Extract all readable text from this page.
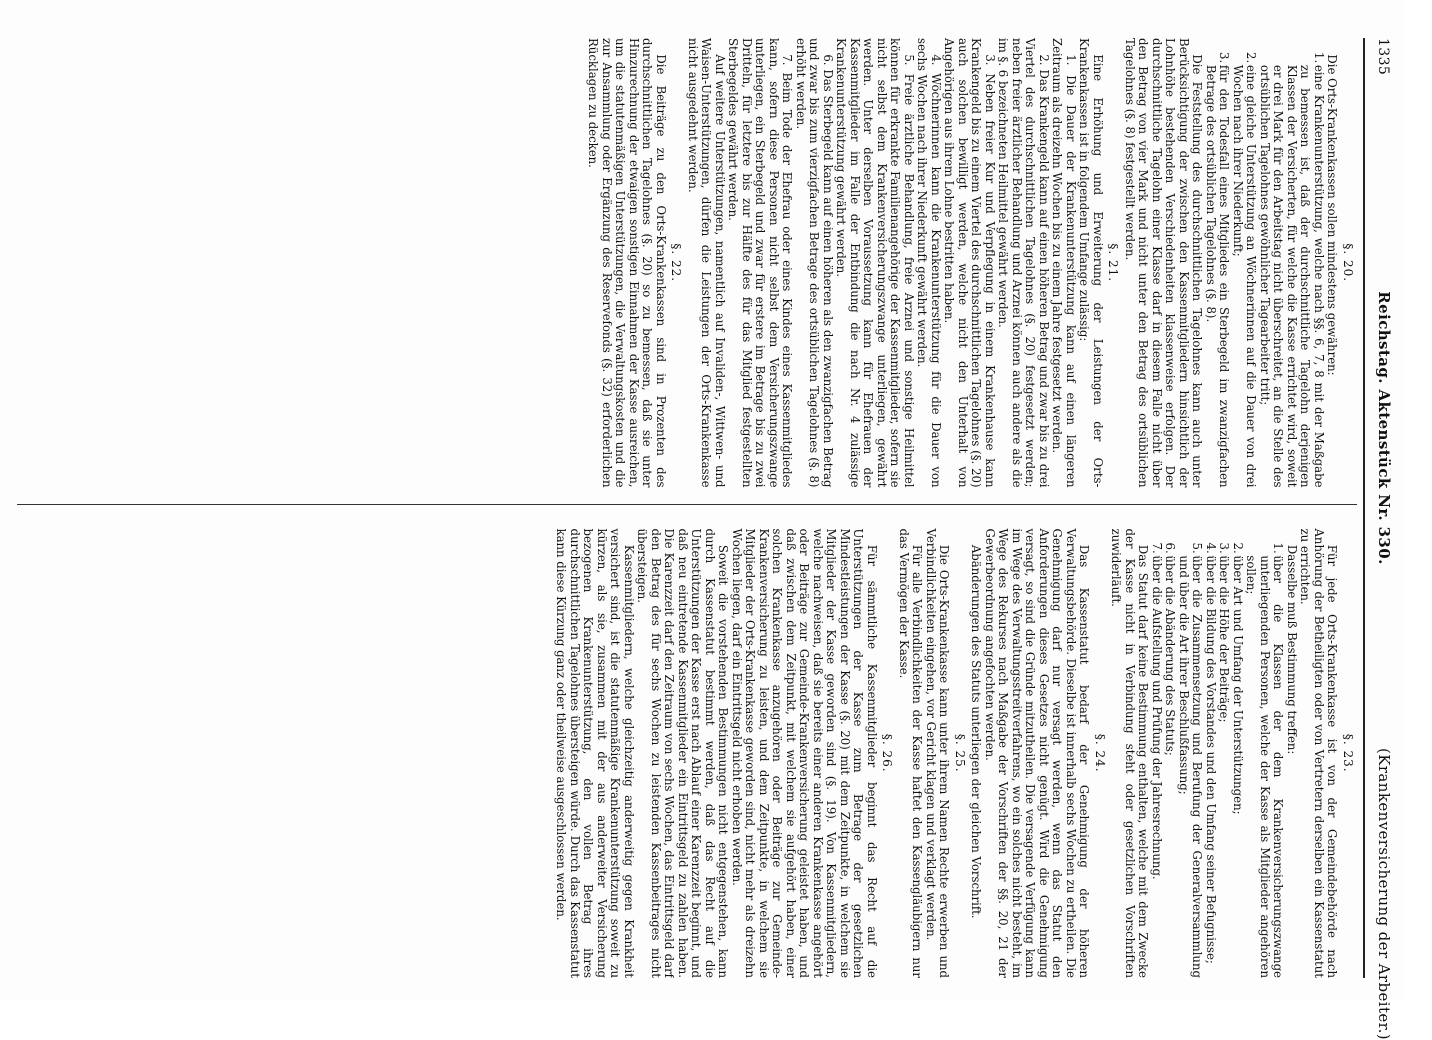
1335
Reichstag. Aktenstück Nr. 330.
(Krankenversicherung der Arbeiter.)
§. 20.

Die Orts-Krankenkassen sollen mindestens gewähren:

1.eine Krankenunterstützung, welche nach §§. 6, 7, 8 mit der Maßgabe zu bemessen ist, daß der durchschnittliche Tagelohn derjenigen Klassen der Versicherten, für welche die Kasse errichtet wird, soweit er drei Mark für den Arbeitstag nicht überschreitet, an die Stelle des ortsüblichen Tagelohnes gewöhnlicher Tagearbeiter tritt;

2.eine gleiche Unterstützung an Wöchnerinnen auf die Dauer von drei Wochen nach ihrer Niederkunft;

3.für den Todesfall eines Mitgliedes ein Sterbegeld im zwanzigfachen Betrage des ortsüblichen Tagelohnes (§. 8).

Die Feststellung des durchschnittlichen Tagelohnes kann auch unter Berücksichtigung der zwischen den Kassenmitgliedern hinsichtlich der Lohnhöhe bestehenden Verschiedenheiten klassenweise erfolgen. Der durchschnittliche Tagelohn einer Klasse darf in diesem Falle nicht über den Betrag von vier Mark und nicht unter den Betrag des ortsüblichen Tagelohnes (§. 8) festgestellt werden.

§. 21.

Eine Erhöhung und Erweiterung der Leistungen der Orts-Krankenkassen ist in folgendem Umfange zulässig:

1. Die Dauer der Krankenunterstützung kann auf einen längeren Zeitraum als dreizehn Wochen bis zu einem Jahre festgesetzt werden.

2. Das Krankengeld kann auf einen höheren Betrag und zwar bis zu drei Viertel des durchschnittlichen Tagelohnes (§. 20) festgesetzt werden; neben freier ärztlicher Behandlung und Arznei können auch andere als die im §. 6 bezeichneten Heilmittel gewährt werden.

3. Neben freier Kur und Verpflegung in einem Krankenhause kann Krankengeld bis zu einem Viertel des durchschnittlichen Tagelohnes (§. 20) auch solchen bewilligt werden, welche nicht den Unterhalt von Angehörigen aus ihrem Lohne bestritten haben.

4. Wöchnerinnen kann die Krankenunterstützung für die Dauer von sechs Wochen nach ihrer Niederkunft gewährt werden.

5. Freie ärztliche Behandlung, freie Arznei und sonstige Heilmittel können für erkrankte Familienangehörige der Kassenmitglieder, sofern sie nicht selbst dem Krankenversicherungszwange unterliegen, gewährt werden. Unter derselben Voraussetzung kann für Ehefrauen der Kassenmitglieder im Falle der Entbindung die nach Nr. 4 zulässige Krankenunterstützung gewährt werden.

6. Das Sterbegeld kann auf einen höheren als den zwanzigfachen Betrag und zwar bis zum vierzigfachen Betrage des ortsüblichen Tagelohnes (§. 8) erhöht werden.

7. Beim Tode der Ehefrau oder eines Kindes eines Kassenmitgliedes kann, sofern diese Personen nicht selbst dem Versicherungszwange unterliegen, ein Sterbegeld und zwar für erstere im Betrage bis zu zwei Dritteln, für letztere bis zur Hälfte des für das Mitglied festgestellten Sterbegeldes gewährt werden.

Auf weitere Unterstützungen, namentlich auf Invaliden-, Wittwen- und Waisen-Unterstützungen, dürfen die Leistungen der Orts-Krankenkasse nicht ausgedehnt werden.

§. 22.

Die Beiträge zu den Orts-Krankenkassen sind in Prozenten des durchschnittlichen Tagelohnes (§. 20) so zu bemessen, daß sie unter Hinzurechnung der etwaigen sonstigen Einnahmen der Kasse ausreichen, um die statutenmäßigen Unterstützungen, die Verwaltungskosten und die zur Ansammlung oder Ergänzung des Reservefonds (§. 32) erforderlichen Rücklagen zu decken.

§. 23.

Für jede Orts-Krankenkasse ist von der Gemeindebehörde nach Anhörung der Betheiligten oder von Vertretern derselben ein Kassenstatut zu errichten.

Dasselbe muß Bestimmung treffen:

1.über die Klassen der dem Krankenversicherungszwange unterliegenden Personen, welche der Kasse als Mitglieder angehören sollen;

2.über Art und Umfang der Unterstützungen;

3.über die Höhe der Beiträge;

4.über die Bildung des Vorstandes und den Umfang seiner Befugnisse;

5.über die Zusammensetzung und Berufung der Generalversammlung und über die Art ihrer Beschlußfassung;

6.über die Abänderung des Statuts;

7.über die Aufstellung und Prüfung der Jahresrechnung.

Das Statut darf keine Bestimmung enthalten, welche mit dem Zwecke der Kasse nicht in Verbindung steht oder gesetzlichen Vorschriften zuwiderläuft.

§. 24.

Das Kassenstatut bedarf der Genehmigung der höheren Verwaltungsbehörde. Dieselbe ist innerhalb sechs Wochen zu ertheilen. Die Genehmigung darf nur versagt werden, wenn das Statut den Anforderungen dieses Gesetzes nicht genügt. Wird die Genehmigung versagt, so sind die Gründe mitzutheilen. Die versagende Verfügung kann im Wege des Verwaltungsstreitverfahrens, wo ein solches nicht besteht, im Wege des Rekurses nach Maßgabe der Vorschriften der §§. 20, 21 der Gewerbeordnung angefochten werden.

Abänderungen des Statuts unterliegen der gleichen Vorschrift.

§. 25.

Die Orts-Krankenkasse kann unter ihrem Namen Rechte erwerben und Verbindlichkeiten eingehen, vor Gericht klagen und verklagt werden.

Für alle Verbindlichkeiten der Kasse haftet den Kassengläubigern nur das Vermögen der Kasse.

§. 26.

Für sämmtliche Kassenmitglieder beginnt das Recht auf die Unterstützungen der Kasse zum Betrage der gesetzlichen Mindestleistungen der Kasse (§. 20) mit dem Zeitpunkte, in welchem sie Mitglieder der Kasse geworden sind (§. 19). Von Kassenmitgliedern, welche nachweisen, daß sie bereits einer anderen Krankenkasse angehört oder Beiträge zur Gemeinde-Krankenversicherung geleistet haben, und daß zwischen dem Zeitpunkt, mit welchem sie aufgehört haben, einer solchen Krankenkasse anzugehören oder Beiträge zur Gemeinde-Krankenversicherung zu leisten, und dem Zeitpunkte, in welchem sie Mitglieder der Orts-Krankenkasse geworden sind, nicht mehr als dreizehn Wochen liegen, darf ein Eintrittsgeld nicht erhoben werden.

Soweit die vorstehenden Bestimmungen nicht entgegenstehen, kann durch Kassenstatut bestimmt werden, daß das Recht auf die Unterstützungen der Kasse erst nach Ablauf einer Karenzzeit beginnt, und daß neu eintretende Kassenmitglieder ein Eintrittsgeld zu zahlen haben. Die Karenzzeit darf den Zeitraum von sechs Wochen, das Eintrittsgeld darf den Betrag des für sechs Wochen zu leistenden Kassenbeitrages nicht übersteigen.

Kassenmitgliedern, welche gleichzeitig anderweitig gegen Krankheit versichert sind, ist die statutenmäßige Krankenunterstützung soweit zu kürzen, als sie, zusammen mit der aus anderweiter Versicherung bezogenen Krankenunterstützung, den vollen Betrag ihres durchschnittlichen Tagelohnes übersteigen würde. Durch das Kassenstatut kann diese Kürzung ganz oder theilweise ausgeschlossen werden.
